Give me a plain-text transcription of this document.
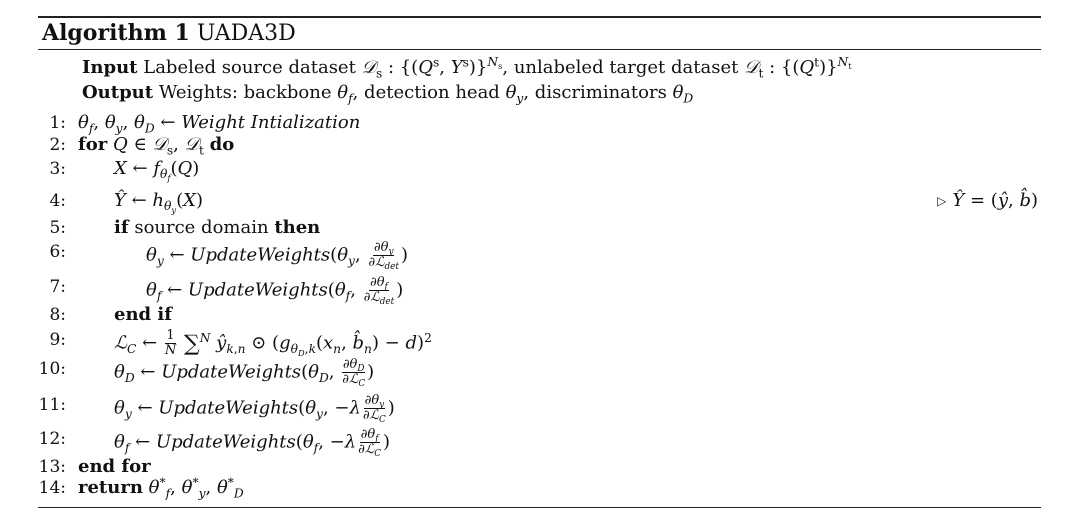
Algorithm 1 UADA3D
Input Labeled source dataset 𝒟$_s$ : {($Q^s$, $Y^s)\}^{N_s}$, unlabeled target dataset 𝒟$_t$ : $\{(Q^t)\}^{N_t}$
Output Weights: backbone $\theta_f$, detection head $\theta_y$, discriminators $\theta_D$
1:
2:
3:
4:
5:
6:
7:
8:
9:
10:
11:
12:
13:
14:
$\theta_f$, $\theta_y$, $\theta_D$ ← Weight Intialization
for Q ∈ 𝒟$_s$, 𝒟$_t$ do
X ← $f_{\theta_f}(Q)$
Ŷ ← $h_{\theta_y}(X)$	▷ Ŷ = (ŷ, b̂)
if source domain then
$\theta_y$ ← $UpdateWeights(\theta_y$, $\frac{\partial\theta_y}{\partial ℒ_{det}}$ )
$\theta_f$ ← $UpdateWeights(\theta_f$, $\frac{\partial\theta_f}{\partial ℒ_{det}}$ )
end if
ℒ$_C$ ← $\frac{1}{N} \sum^N$ $ŷ_{k,n}$ ⊙ ($g_{\theta_D,k}(x_n$, $b̂_n) - d)^2$
$\theta_D$ ← $UpdateWeights(\theta_D$, $\frac{\partial\theta_D}{\partial ℒ_C}$ )
$\theta_y$ ← $UpdateWeights(\theta_y$, $-\lambda \frac{\partial\theta_y}{\partial ℒ_C}$ )
$\theta_f$ ← $UpdateWeights(\theta_f$, $-\lambda \frac{\partial\theta_f}{\partial ℒ_C}$ )
end for
return $\theta^*_f$, $\theta^*_y$, $\theta^*_D$
